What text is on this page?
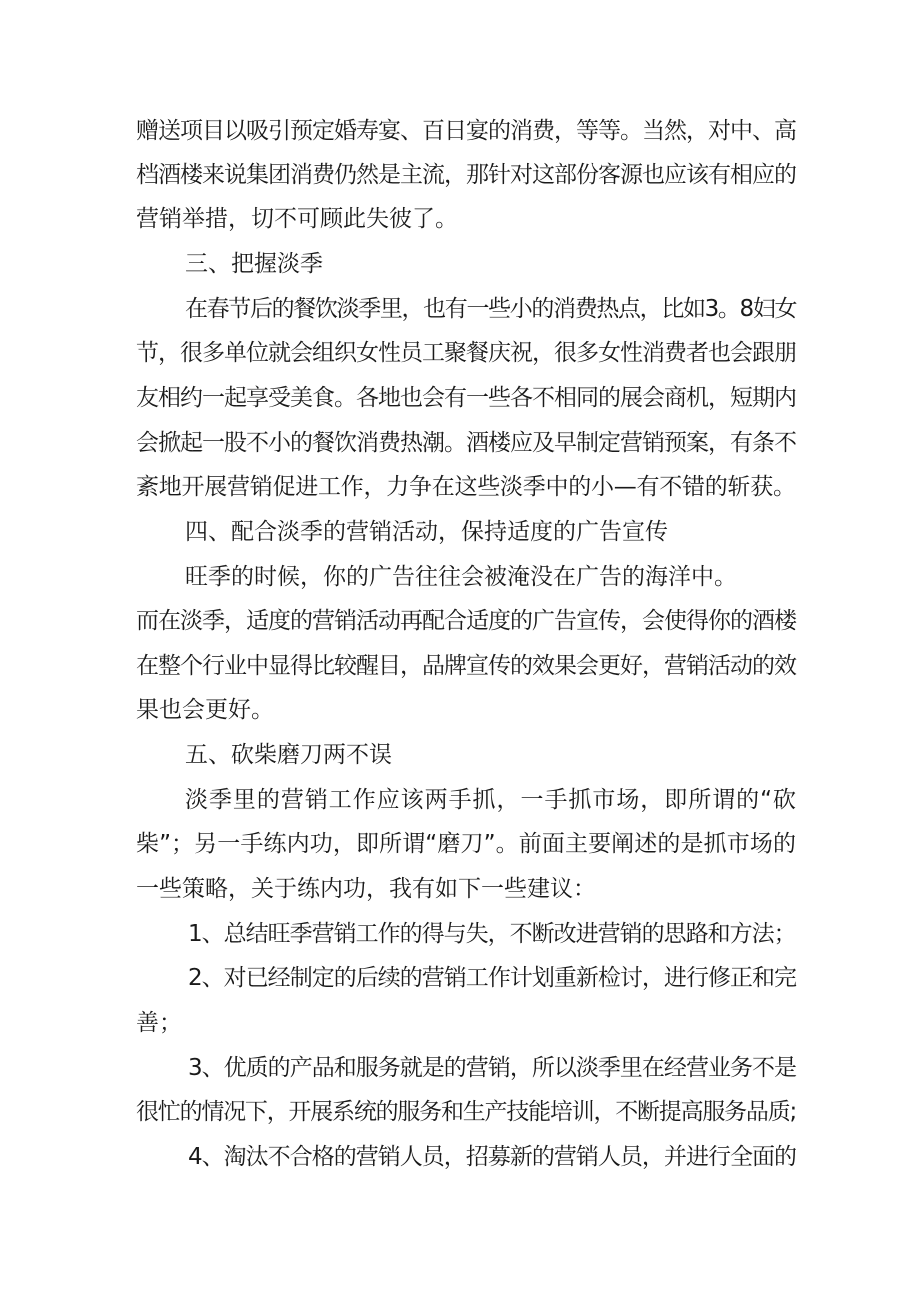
赠送项目以吸引预定婚寿宴、百日宴的消费，等等。当然，对中、高
档酒楼来说集团消费仍然是主流，那针对这部份客源也应该有相应的
营销举措，切不可顾此失彼了。
三、把握淡季
在春节后的餐饮淡季里，也有一些小的消费热点，比如3。8妇女
节，很多单位就会组织女性员工聚餐庆祝，很多女性消费者也会跟朋
友相约一起享受美食。各地也会有一些各不相同的展会商机，短期内
会掀起一股不小的餐饮消费热潮。酒楼应及早制定营销预案，有条不
紊地开展营销促进工作，力争在这些淡季中的小—有不错的斩获。
四、配合淡季的营销活动，保持适度的广告宣传
旺季的时候，你的广告往往会被淹没在广告的海洋中。
而在淡季，适度的营销活动再配合适度的广告宣传，会使得你的酒楼
在整个行业中显得比较醒目，品牌宣传的效果会更好，营销活动的效
果也会更好。
五、砍柴磨刀两不误
淡季里的营销工作应该两手抓，一手抓市场，即所谓的“砍
柴”；另一手练内功，即所谓“磨刀”。前面主要阐述的是抓市场的
一些策略，关于练内功，我有如下一些建议：
1、总结旺季营销工作的得与失，不断改进营销的思路和方法；
2、对已经制定的后续的营销工作计划重新检讨，进行修正和完
善；
3、优质的产品和服务就是的营销，所以淡季里在经营业务不是
很忙的情况下，开展系统的服务和生产技能培训，不断提高服务品质;
4、淘汰不合格的营销人员，招募新的营销人员，并进行全面的
